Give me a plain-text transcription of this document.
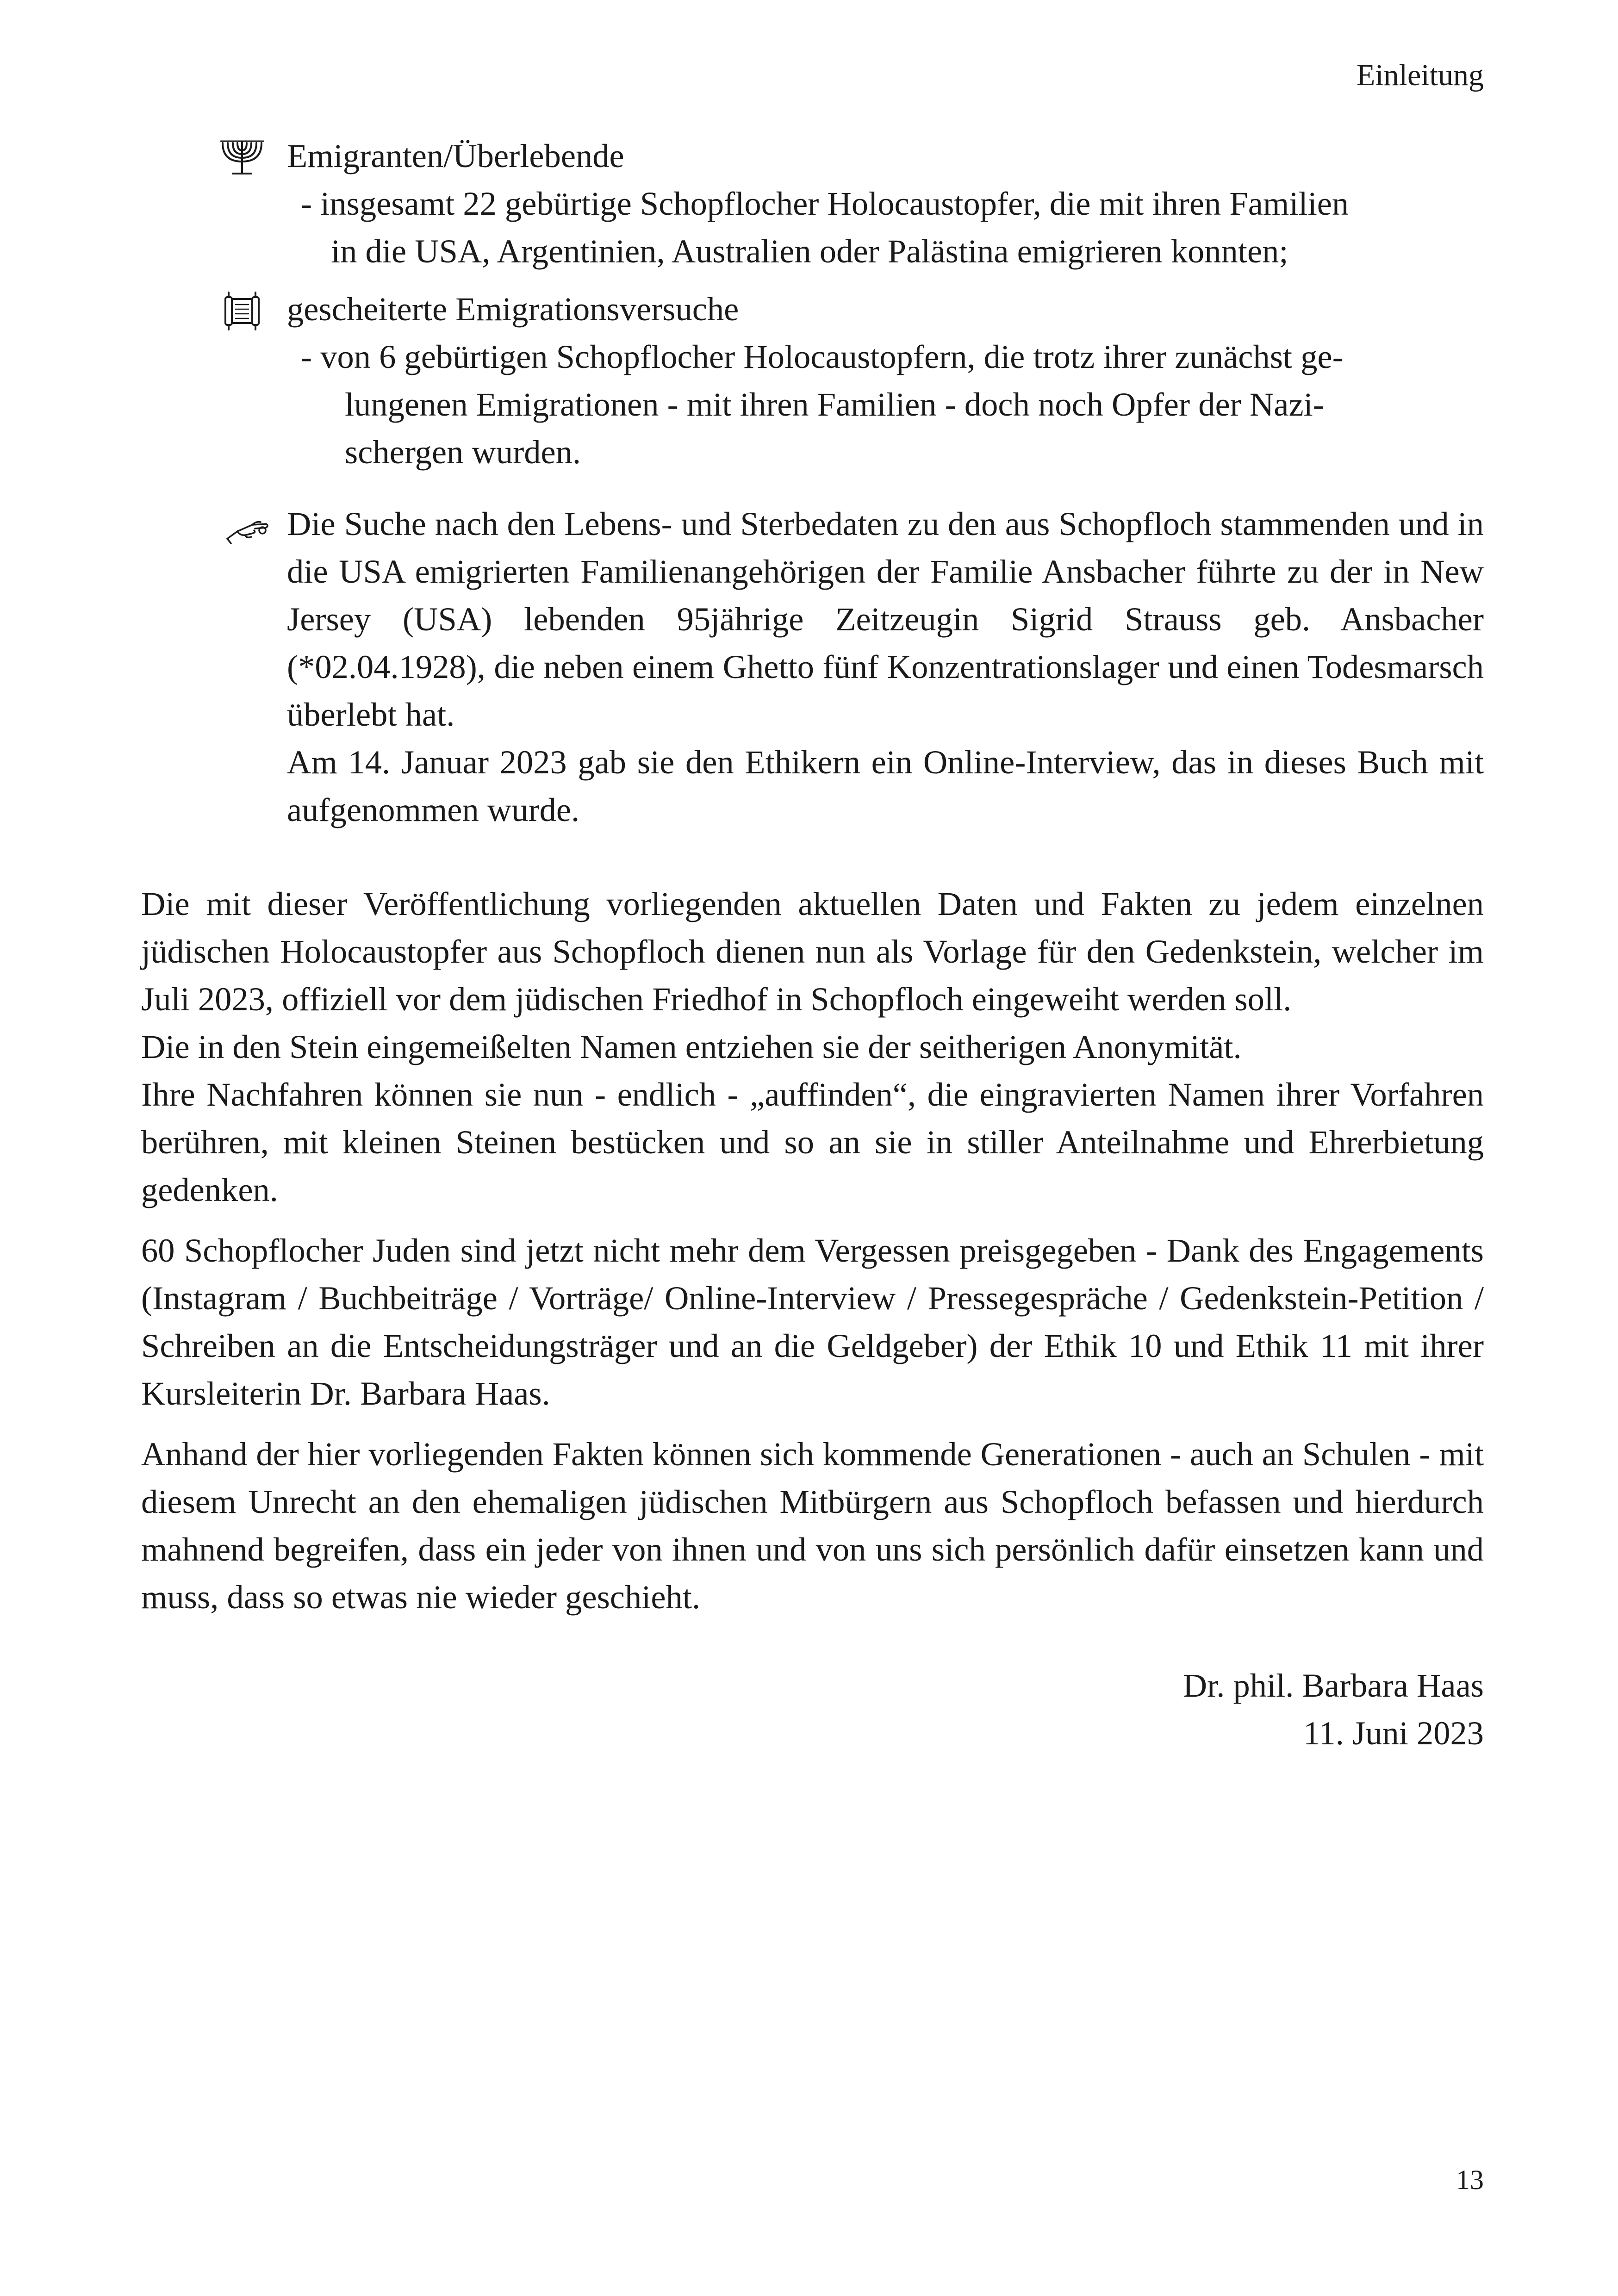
Einleitung
Emigranten/Überlebende
- insgesamt 22 gebürtige Schopflocher Holocaustopfer, die mit ihren Familien
in die USA, Argentinien, Australien oder Palästina emigrieren konnten;
gescheiterte Emigrationsversuche
- von 6 gebürtigen Schopflocher Holocaustopfern, die trotz ihrer zunächst ge-
lungenen Emigrationen - mit ihren Familien - doch noch Opfer der Nazi-
schergen wurden.

Die Suche nach den Lebens- und Sterbedaten zu den aus Schopfloch stammenden und in die USA emigrierten Familienangehörigen der Familie Ansbacher führte zu der in New Jersey (USA) lebenden 95jährige Zeitzeugin Sigrid Strauss geb. Ansbacher (*02.04.1928), die neben einem Ghetto fünf Konzentrationslager und einen Todesmarsch überlebt hat.

Am 14. Januar 2023 gab sie den Ethikern ein Online-Interview, das in dieses Buch mit aufgenommen wurde.

Die mit dieser Veröffentlichung vorliegenden aktuellen Daten und Fakten zu jedem einzelnen jüdischen Holocaustopfer aus Schopfloch dienen nun als Vorlage für den Gedenkstein, welcher im Juli 2023, offiziell vor dem jüdischen Friedhof in Schopfloch eingeweiht werden soll.

Die in den Stein eingemeißelten Namen entziehen sie der seitherigen Anonymität.

Ihre Nachfahren können sie nun - endlich - „auffinden“, die eingravierten Namen ihrer Vorfahren berühren, mit kleinen Steinen bestücken und so an sie in stiller Anteilnahme und Ehrerbietung gedenken.

60 Schopflocher Juden sind jetzt nicht mehr dem Vergessen preisgegeben - Dank des Engagements (Instagram / Buchbeiträge / Vorträge/ Online-Interview / Pressegespräche / Gedenkstein-Petition / Schreiben an die Entscheidungsträger und an die Geldgeber) der Ethik 10 und Ethik 11 mit ihrer Kursleiterin Dr. Barbara Haas.

Anhand der hier vorliegenden Fakten können sich kommende Generationen - auch an Schulen - mit diesem Unrecht an den ehemaligen jüdischen Mitbürgern aus Schopfloch befassen und hierdurch mahnend begreifen, dass ein jeder von ihnen und von uns sich persönlich dafür einsetzen kann und muss, dass so etwas nie wieder geschieht.

Dr. phil. Barbara Haas
11. Juni 2023
13
